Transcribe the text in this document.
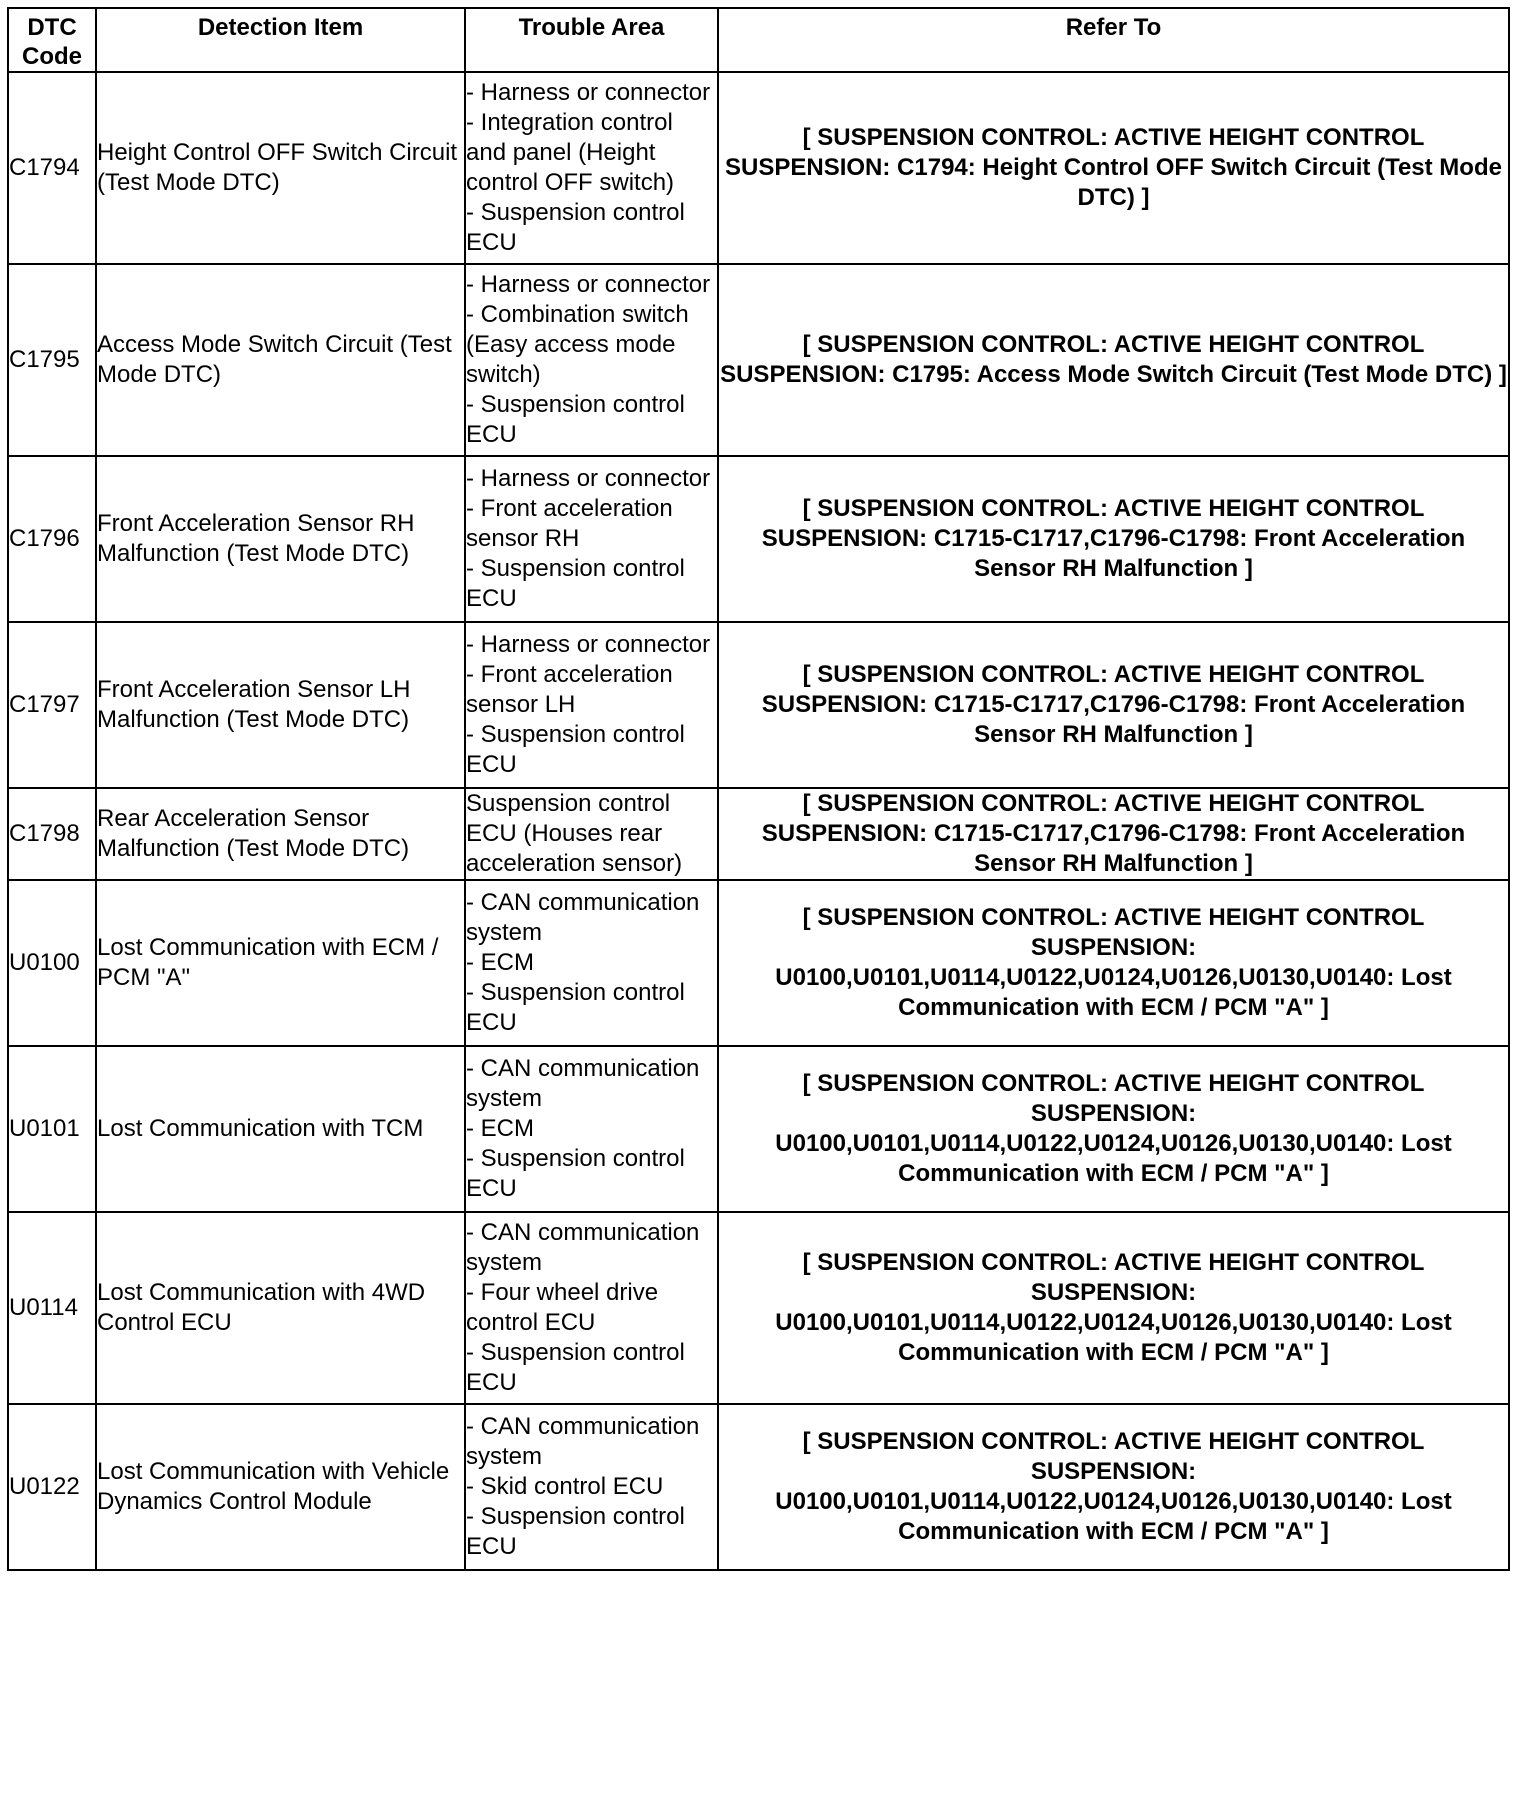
DTC Code	Detection Item	Trouble Area	Refer To
C1794	Height Control OFF Switch Circuit (Test Mode DTC)	- Harness or connector
- Integration control and panel (Height control OFF switch)
- Suspension control ECU	[ SUSPENSION CONTROL: ACTIVE HEIGHT CONTROL SUSPENSION: C1794: Height Control OFF Switch Circuit (Test Mode DTC) ]

C1795	Access Mode Switch Circuit (Test Mode DTC)	- Harness or connector
- Combination switch (Easy access mode switch)
- Suspension control ECU	[ SUSPENSION CONTROL: ACTIVE HEIGHT CONTROL SUSPENSION: C1795: Access Mode Switch Circuit (Test Mode DTC) ]

C1796	Front Acceleration Sensor RH Malfunction (Test Mode DTC)	- Harness or connector
- Front acceleration sensor RH
- Suspension control ECU	[ SUSPENSION CONTROL: ACTIVE HEIGHT CONTROL SUSPENSION: C1715-C1717,C1796-C1798: Front Acceleration Sensor RH Malfunction ]

C1797	Front Acceleration Sensor LH Malfunction (Test Mode DTC)	- Harness or connector
- Front acceleration sensor LH
- Suspension control ECU	[ SUSPENSION CONTROL: ACTIVE HEIGHT CONTROL SUSPENSION: C1715-C1717,C1796-C1798: Front Acceleration Sensor RH Malfunction ]

C1798	Rear Acceleration Sensor Malfunction (Test Mode DTC)	Suspension control ECU (Houses rear acceleration sensor)	[ SUSPENSION CONTROL: ACTIVE HEIGHT CONTROL SUSPENSION: C1715-C1717,C1796-C1798: Front Acceleration Sensor RH Malfunction ]

U0100	Lost Communication with ECM / PCM "A"	- CAN communication system
- ECM
- Suspension control ECU	[ SUSPENSION CONTROL: ACTIVE HEIGHT CONTROL SUSPENSION: U0100,U0101,U0114,U0122,U0124,U0126,U0130,U0140: Lost Communication with ECM / PCM "A" ]

U0101	Lost Communication with TCM	- CAN communication system
- ECM
- Suspension control ECU	[ SUSPENSION CONTROL: ACTIVE HEIGHT CONTROL SUSPENSION: U0100,U0101,U0114,U0122,U0124,U0126,U0130,U0140: Lost Communication with ECM / PCM "A" ]

U0114	Lost Communication with 4WD Control ECU	- CAN communication system
- Four wheel drive control ECU
- Suspension control ECU	[ SUSPENSION CONTROL: ACTIVE HEIGHT CONTROL SUSPENSION: U0100,U0101,U0114,U0122,U0124,U0126,U0130,U0140: Lost Communication with ECM / PCM "A" ]

U0122	Lost Communication with Vehicle Dynamics Control Module	- CAN communication system
- Skid control ECU
- Suspension control ECU	[ SUSPENSION CONTROL: ACTIVE HEIGHT CONTROL SUSPENSION: U0100,U0101,U0114,U0122,U0124,U0126,U0130,U0140: Lost Communication with ECM / PCM "A" ]
